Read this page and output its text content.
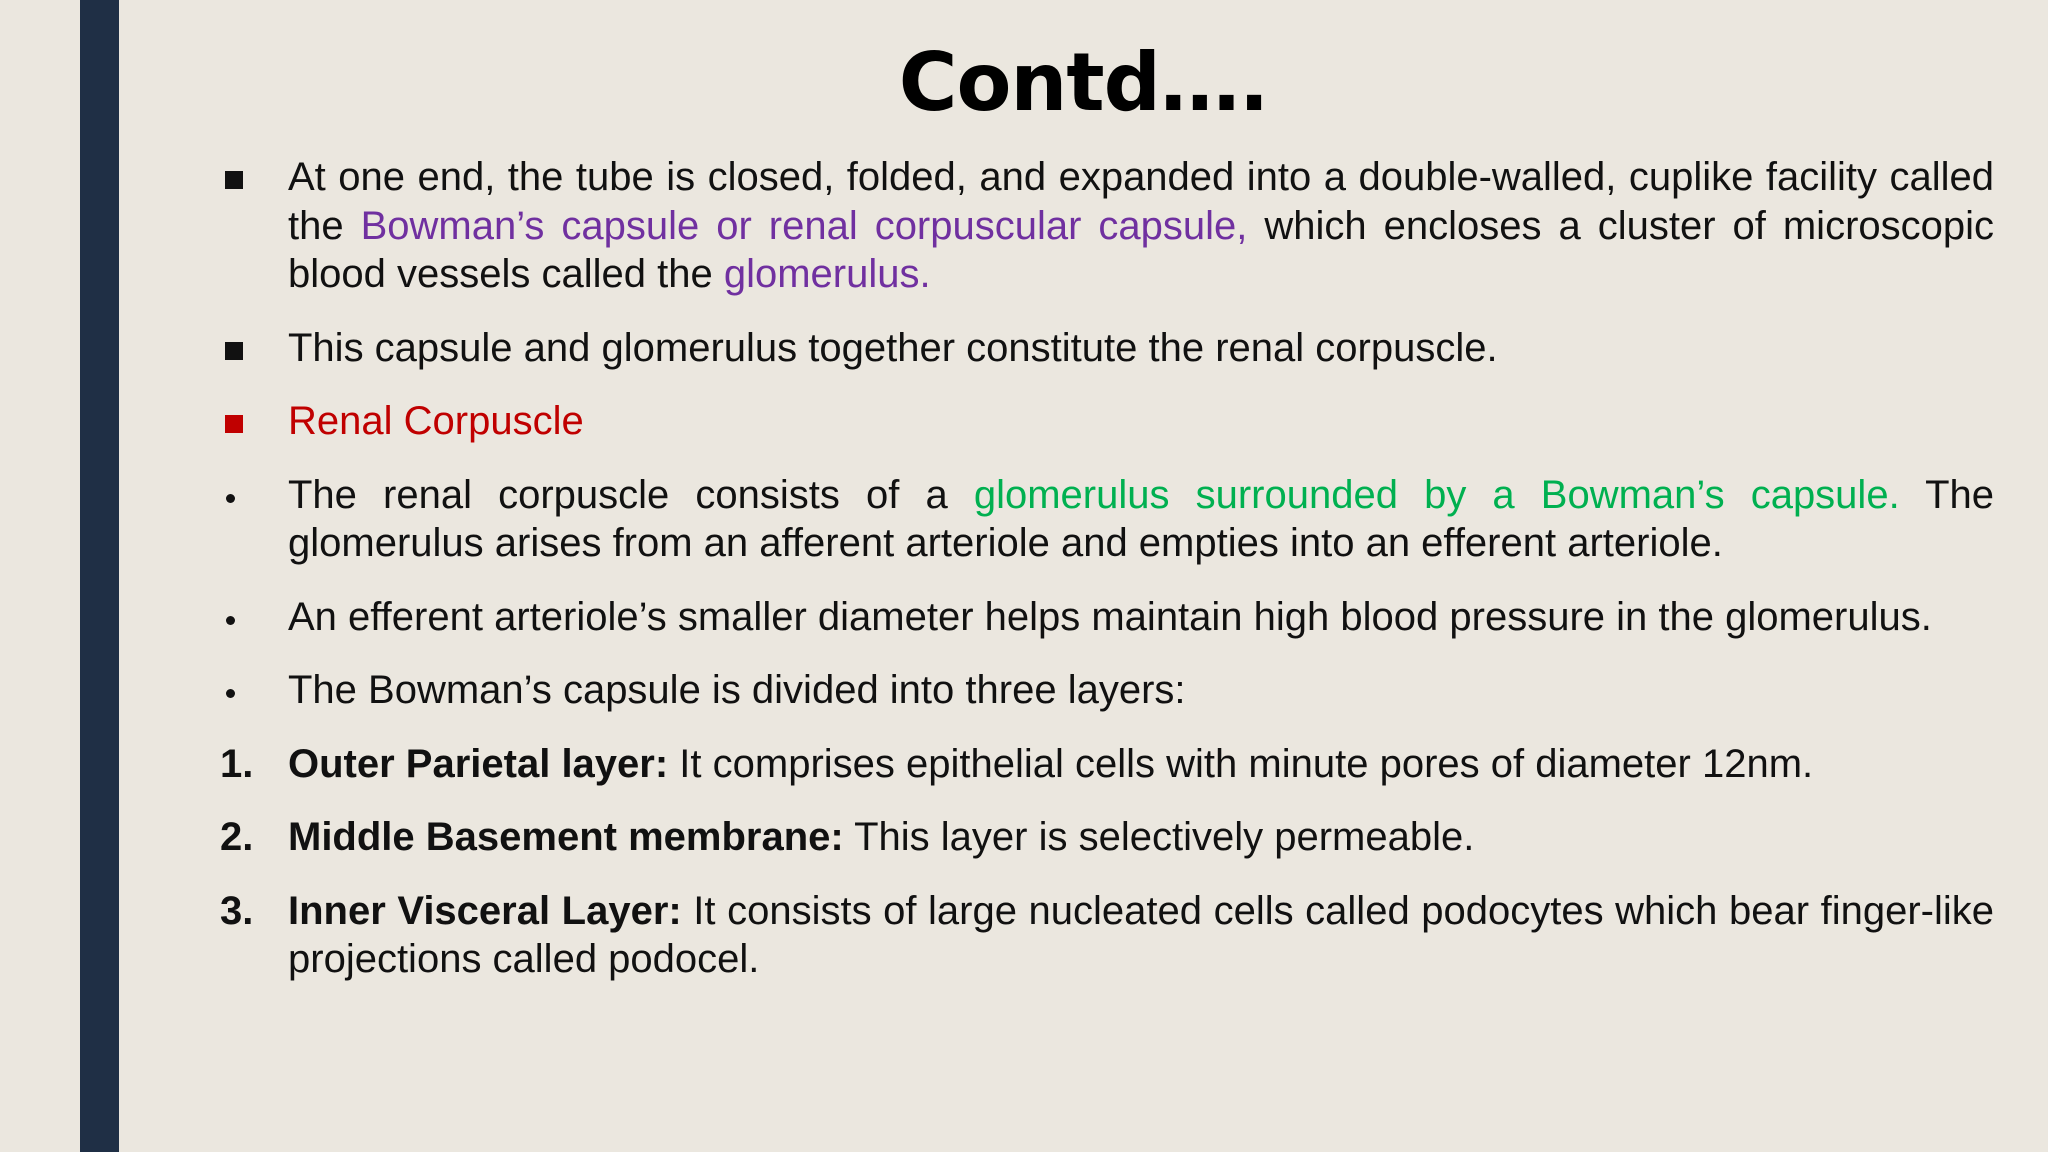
Contd….
At one end, the tube is closed, folded, and expanded into a double-walled, cuplike facility called the Bowman’s capsule or renal corpuscular capsule, which encloses a cluster of microscopic blood vessels called the glomerulus.
This capsule and glomerulus together constitute the renal corpuscle.
Renal Corpuscle
The renal corpuscle consists of a glomerulus surrounded by a Bowman’s capsule. The glomerulus arises from an afferent arteriole and empties into an efferent arteriole.
An efferent arteriole’s smaller diameter helps maintain high blood pressure in the glomerulus.
The Bowman’s capsule is divided into three layers:
1. Outer Parietal layer: It comprises epithelial cells with minute pores of diameter 12nm.
2. Middle Basement membrane: This layer is selectively permeable.
3. Inner Visceral Layer: It consists of large nucleated cells called podocytes which bear finger-like projections called podocel.
